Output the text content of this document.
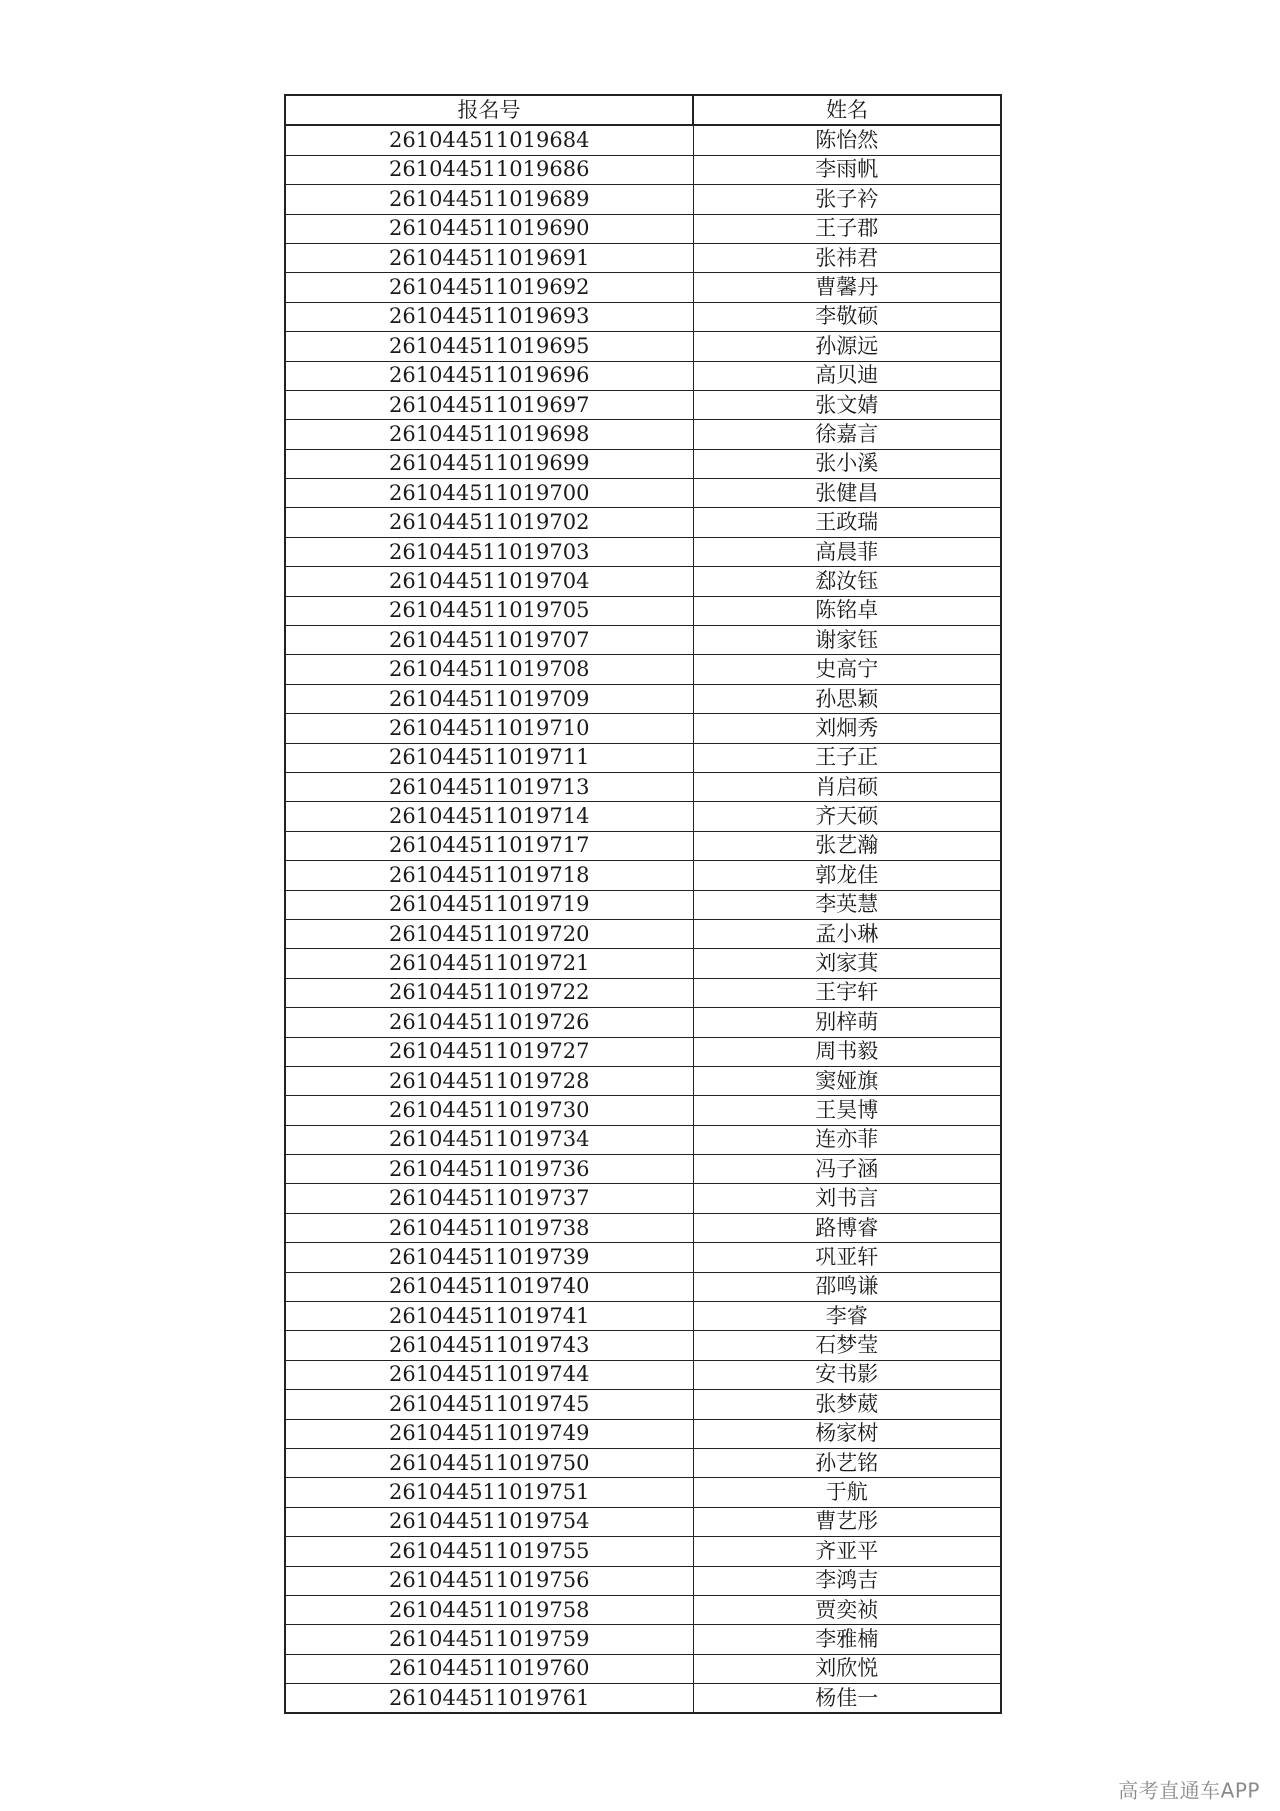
报名号	姓名
261044511019684	陈怡然
261044511019686	李雨帆
261044511019689	张子衿
261044511019690	王子郡
261044511019691	张祎君
261044511019692	曹馨丹
261044511019693	李敬硕
261044511019695	孙源远
261044511019696	高贝迪
261044511019697	张文婧
261044511019698	徐嘉言
261044511019699	张小溪
261044511019700	张健昌
261044511019702	王政瑞
261044511019703	高晨菲
261044511019704	郄汝钰
261044511019705	陈铭卓
261044511019707	谢家钰
261044511019708	史高宁
261044511019709	孙思颖
261044511019710	刘炯秀
261044511019711	王子正
261044511019713	肖启硕
261044511019714	齐天硕
261044511019717	张艺瀚
261044511019718	郭龙佳
261044511019719	李英慧
261044511019720	孟小琳
261044511019721	刘家萁
261044511019722	王宇轩
261044511019726	别梓萌
261044511019727	周书毅
261044511019728	窦娅旗
261044511019730	王昊博
261044511019734	连亦菲
261044511019736	冯子涵
261044511019737	刘书言
261044511019738	路博睿
261044511019739	巩亚轩
261044511019740	邵鸣谦
261044511019741	李睿
261044511019743	石梦莹
261044511019744	安书影
261044511019745	张梦葳
261044511019749	杨家树
261044511019750	孙艺铭
261044511019751	于航
261044511019754	曹艺彤
261044511019755	齐亚平
261044511019756	李鸿吉
261044511019758	贾奕祯
261044511019759	李雅楠
261044511019760	刘欣悦
261044511019761	杨佳一
高考直通车APP
